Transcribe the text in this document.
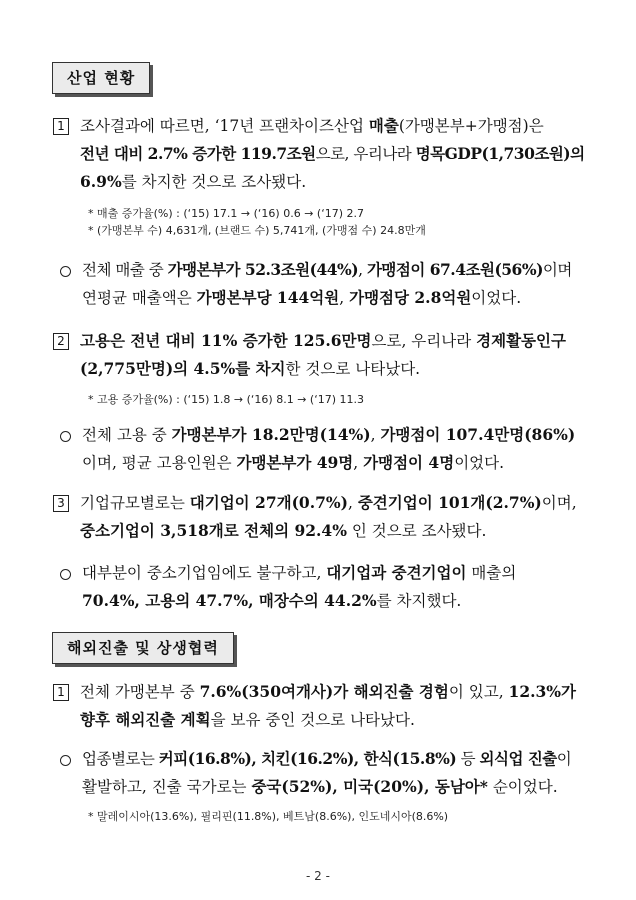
산업 현황
1 조사결과에 따르면, ‘17년 프랜차이즈산업 매출(가맹본부+가맹점)은
전년 대비 2.7% 증가한 119.7조원으로, 우리나라 명목GDP(1,730조원)의
6.9%를 차지한 것으로 조사됐다.
* 매출 증가율(%) : (‘15) 17.1 → (‘16) 0.6 → (‘17) 2.7
* (가맹본부 수) 4,631개, (브랜드 수) 5,741개, (가맹점 수) 24.8만개
전체 매출 중 가맹본부가 52.3조원(44%), 가맹점이 67.4조원(56%)이며
연평균 매출액은 가맹본부당 144억원, 가맹점당 2.8억원이었다.
2 고용은 전년 대비 11% 증가한 125.6만명으로, 우리나라 경제활동인구
(2,775만명)의 4.5%를 차지한 것으로 나타났다.
* 고용 증가율(%) : (‘15) 1.8 → (‘16) 8.1 → (‘17) 11.3
전체 고용 중 가맹본부가 18.2만명(14%), 가맹점이 107.4만명(86%)
이며, 평균 고용인원은 가맹본부가 49명, 가맹점이 4명이었다.
3 기업규모별로는 대기업이 27개(0.7%), 중견기업이 101개(2.7%)이며,
중소기업이 3,518개로 전체의 92.4% 인 것으로 조사됐다.
대부분이 중소기업임에도 불구하고, 대기업과 중견기업이 매출의
70.4%, 고용의 47.7%, 매장수의 44.2%를 차지했다.
해외진출 및 상생협력
1 전체 가맹본부 중 7.6%(350여개사)가 해외진출 경험이 있고, 12.3%가
향후 해외진출 계획을 보유 중인 것으로 나타났다.
업종별로는 커피(16.8%), 치킨(16.2%), 한식(15.8%) 등 외식업 진출이
활발하고, 진출 국가로는 중국(52%), 미국(20%), 동남아* 순이었다.
* 말레이시아(13.6%), 필리핀(11.8%), 베트남(8.6%), 인도네시아(8.6%)
- 2 -
